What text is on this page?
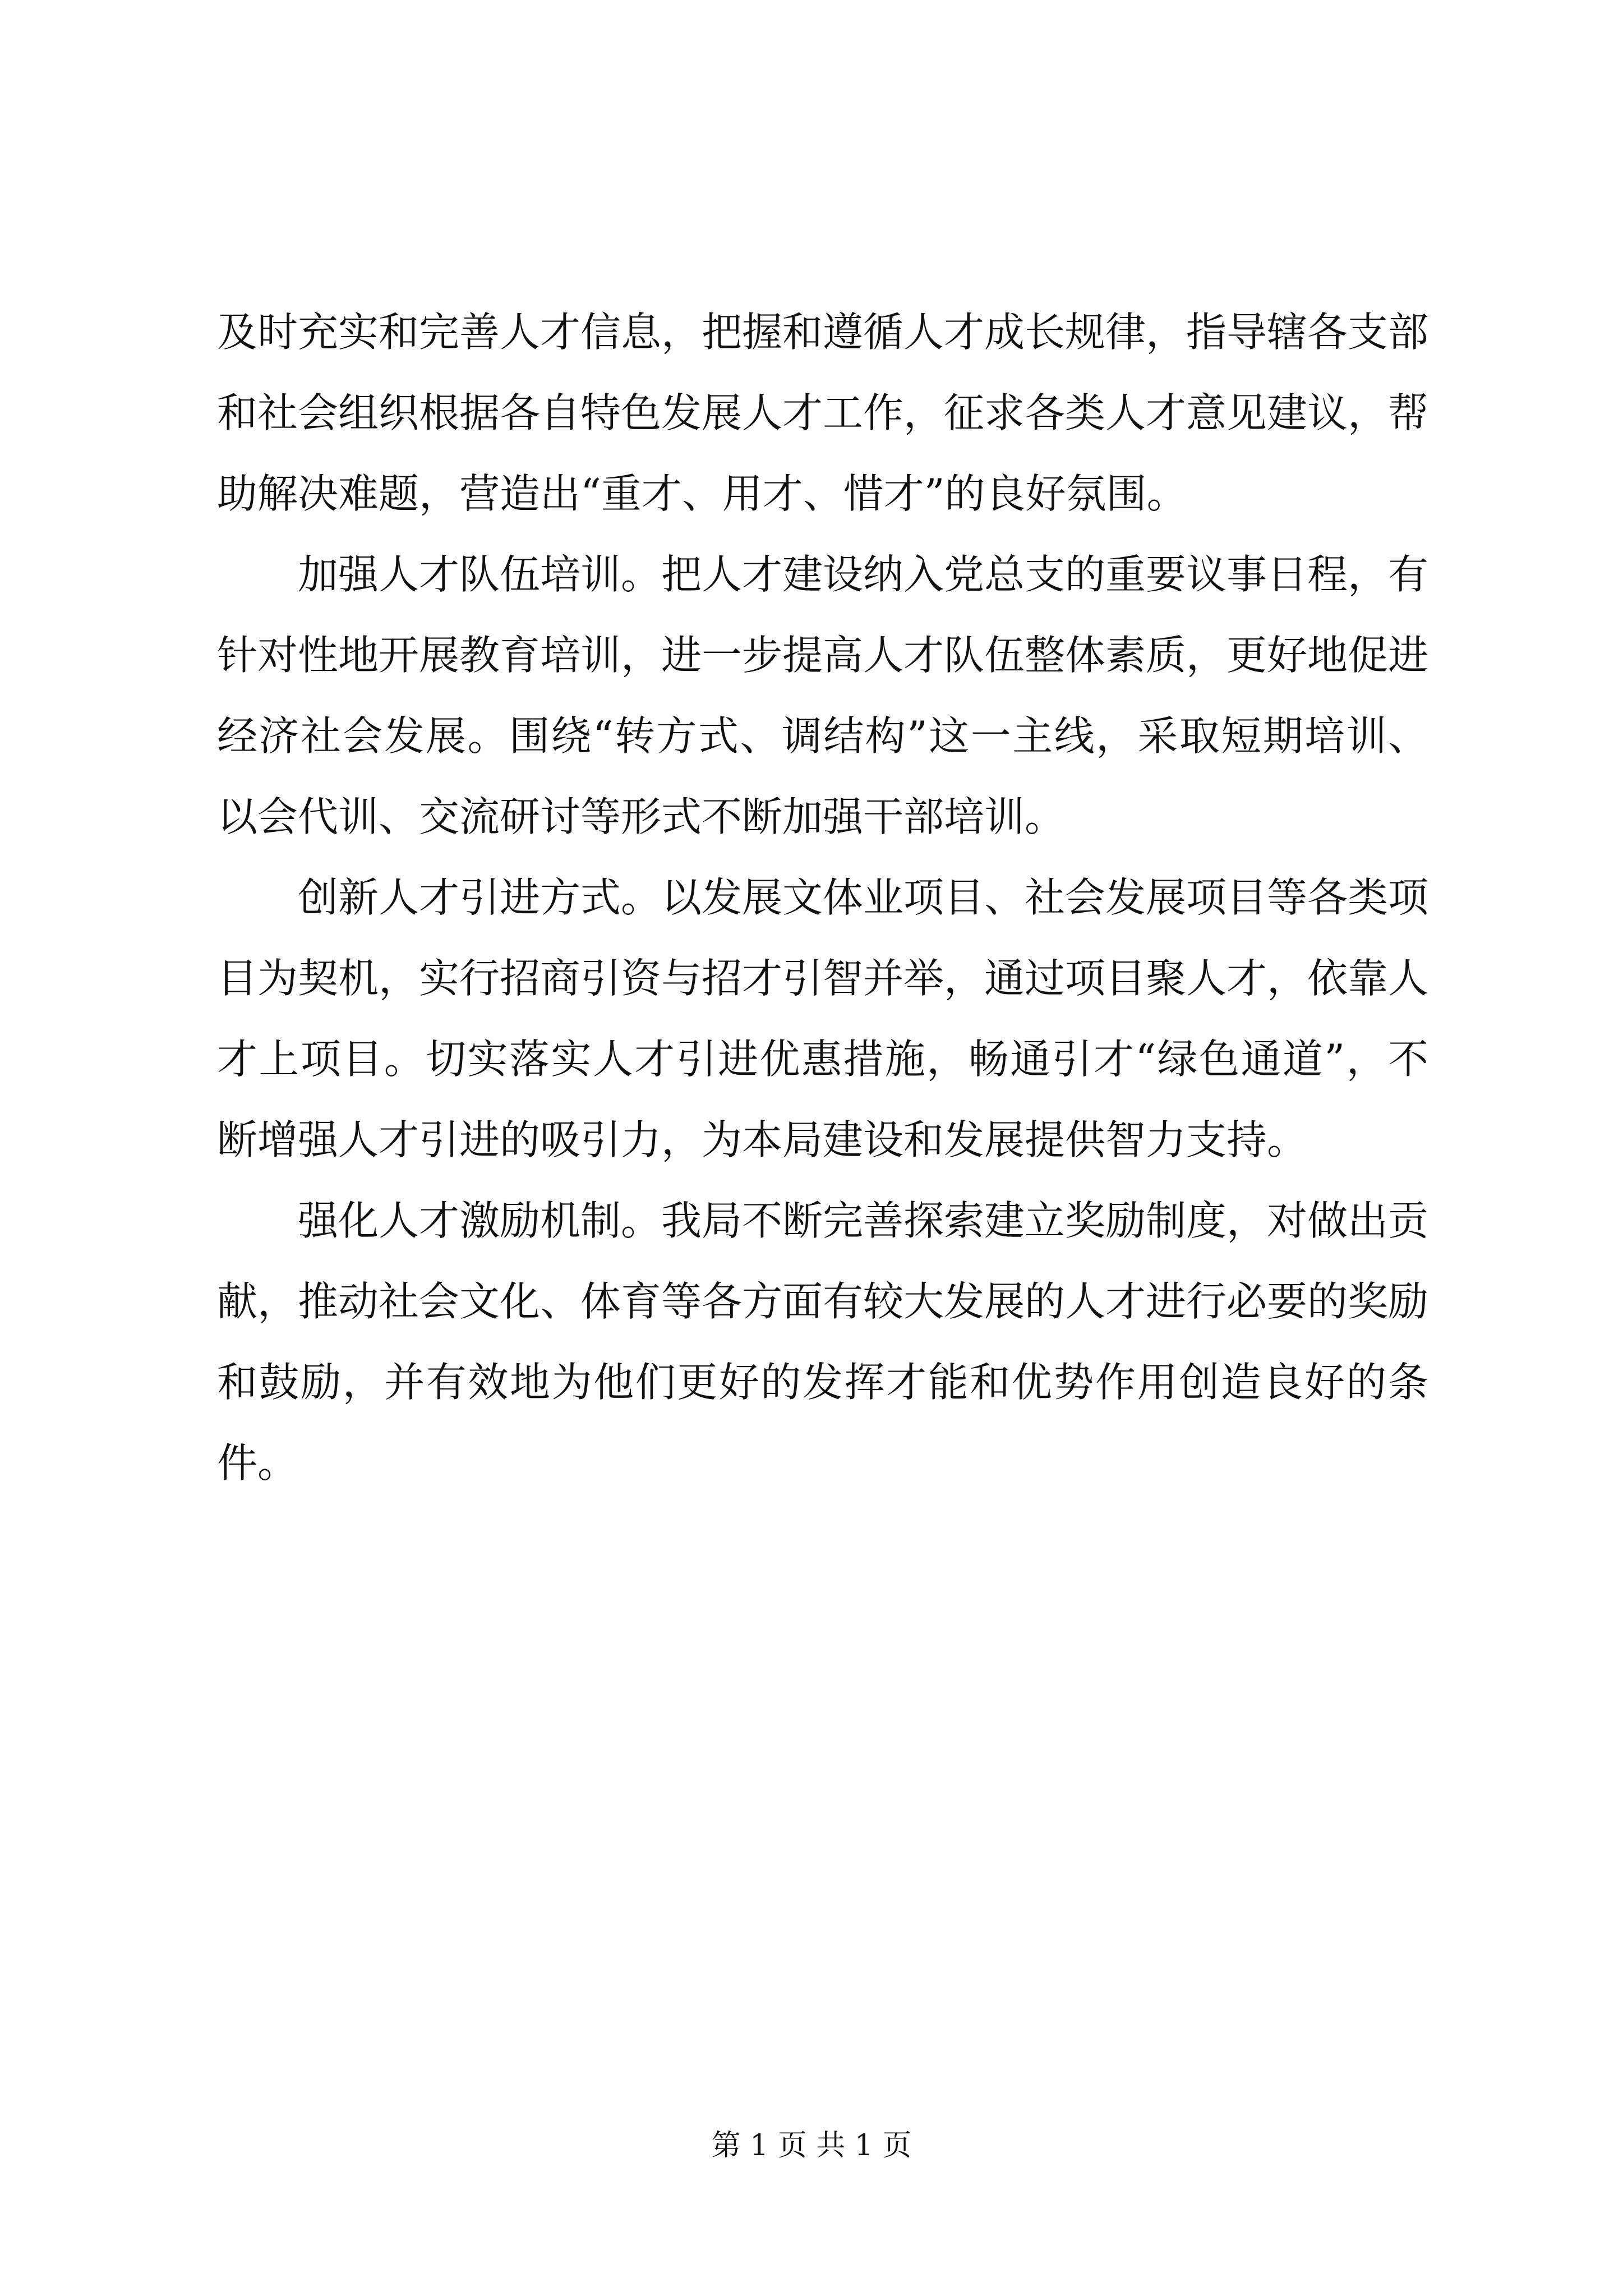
及时充实和完善人才信息，把握和遵循人才成长规律，指导辖各支部和社会组织根据各自特色发展人才工作，征求各类人才意见建议，帮助解决难题，营造出“重才、用才、惜才”的良好氛围。

加强人才队伍培训。把人才建设纳入党总支的重要议事日程，有针对性地开展教育培训，进一步提高人才队伍整体素质，更好地促进经济社会发展。围绕“转方式、调结构”这一主线，采取短期培训、以会代训、交流研讨等形式不断加强干部培训。

创新人才引进方式。以发展文体业项目、社会发展项目等各类项目为契机，实行招商引资与招才引智并举，通过项目聚人才，依靠人才上项目。切实落实人才引进优惠措施，畅通引才“绿色通道”，不断增强人才引进的吸引力，为本局建设和发展提供智力支持。

强化人才激励机制。我局不断完善探索建立奖励制度，对做出贡献，推动社会文化、体育等各方面有较大发展的人才进行必要的奖励和鼓励，并有效地为他们更好的发挥才能和优势作用创造良好的条件。

第 1 页 共 1 页
